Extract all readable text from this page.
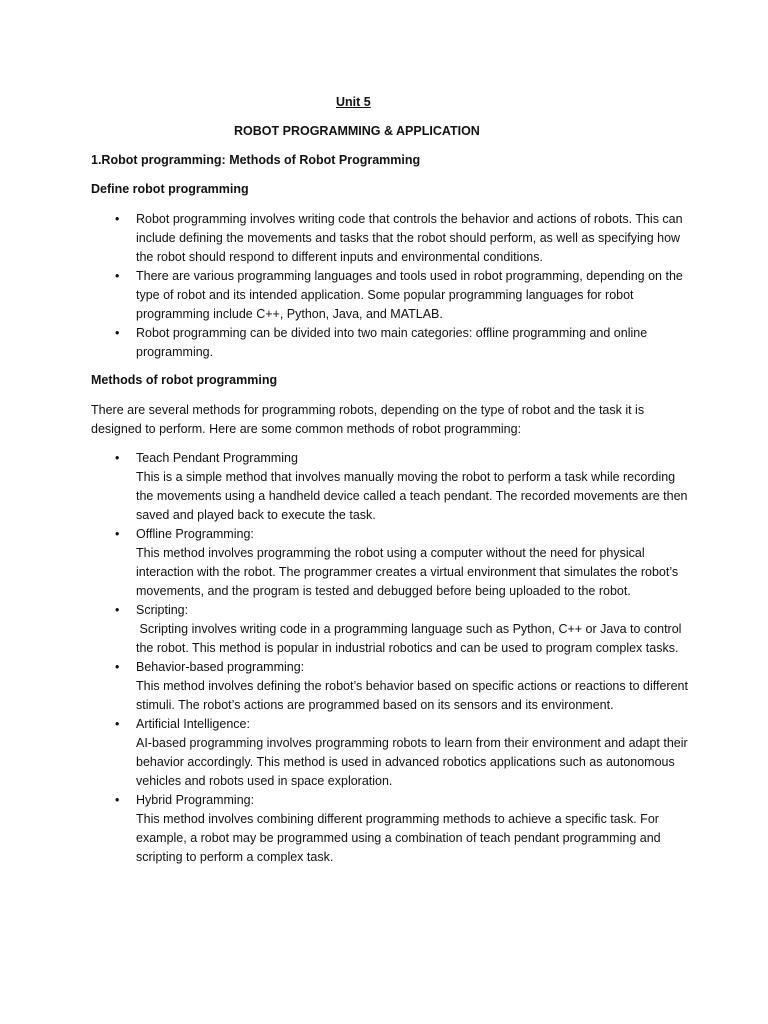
Unit 5
ROBOT PROGRAMMING & APPLICATION
1.Robot programming: Methods of Robot Programming
Define robot programming
• Robot programming involves writing code that controls the behavior and actions of robots. This can include defining the movements and tasks that the robot should perform, as well as specifying how the robot should respond to different inputs and environmental conditions.
• There are various programming languages and tools used in robot programming, depending on the type of robot and its intended application. Some popular programming languages for robot programming include C++, Python, Java, and MATLAB.
• Robot programming can be divided into two main categories: offline programming and online programming.
Methods of robot programming
There are several methods for programming robots, depending on the type of robot and the task it is designed to perform. Here are some common methods of robot programming:
• Teach Pendant Programming
This is a simple method that involves manually moving the robot to perform a task while recording the movements using a handheld device called a teach pendant. The recorded movements are then saved and played back to execute the task.
• Offline Programming:
This method involves programming the robot using a computer without the need for physical interaction with the robot. The programmer creates a virtual environment that simulates the robot’s movements, and the program is tested and debugged before being uploaded to the robot.
• Scripting:
Scripting involves writing code in a programming language such as Python, C++ or Java to control the robot. This method is popular in industrial robotics and can be used to program complex tasks.
• Behavior-based programming:
This method involves defining the robot’s behavior based on specific actions or reactions to different stimuli. The robot’s actions are programmed based on its sensors and its environment.
• Artificial Intelligence:
AI-based programming involves programming robots to learn from their environment and adapt their behavior accordingly. This method is used in advanced robotics applications such as autonomous vehicles and robots used in space exploration.
• Hybrid Programming:
This method involves combining different programming methods to achieve a specific task. For example, a robot may be programmed using a combination of teach pendant programming and scripting to perform a complex task.
